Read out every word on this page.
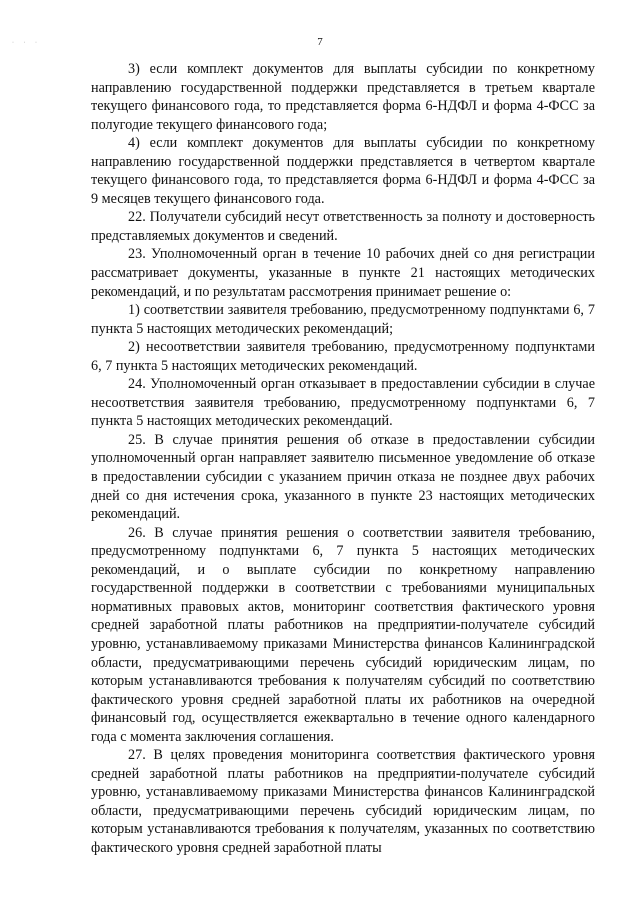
· · ·	7

3) если комплект документов для выплаты субсидии по конкретному направлению государственной поддержки представляется в третьем квартале текущего финансового года, то представляется форма 6-НДФЛ и форма 4-ФСС за полугодие текущего финансового года;

4) если комплект документов для выплаты субсидии по конкретному направлению государственной поддержки представляется в четвертом квартале текущего финансового года, то представляется форма 6-НДФЛ и форма 4-ФСС за 9 месяцев текущего финансового года.

22. Получатели субсидий несут ответственность за полноту и достоверность представляемых документов и сведений.

23. Уполномоченный орган в течение 10 рабочих дней со дня регистрации рассматривает документы, указанные в пункте 21 настоящих методических рекомендаций, и по результатам рассмотрения принимает решение о:

1) соответствии заявителя требованию, предусмотренному подпунктами 6, 7 пункта 5 настоящих методических рекомендаций;

2) несоответствии заявителя требованию, предусмотренному подпунктами 6, 7 пункта 5 настоящих методических рекомендаций.

24. Уполномоченный орган отказывает в предоставлении субсидии в случае несоответствия заявителя требованию, предусмотренному подпунктами 6, 7 пункта 5 настоящих методических рекомендаций.

25. В случае принятия решения об отказе в предоставлении субсидии уполномоченный орган направляет заявителю письменное уведомление об отказе в предоставлении субсидии с указанием причин отказа не позднее двух рабочих дней со дня истечения срока, указанного в пункте 23 настоящих методических рекомендаций.

26. В случае принятия решения о соответствии заявителя требованию, предусмотренному подпунктами 6, 7 пункта 5 настоящих методических рекомендаций, и о выплате субсидии по конкретному направлению государственной поддержки в соответствии с требованиями муниципальных нормативных правовых актов, мониторинг соответствия фактического уровня средней заработной платы работников на предприятии-получателе субсидий уровню, устанавливаемому приказами Министерства финансов Калининградской области, предусматривающими перечень субсидий юридическим лицам, по которым устанавливаются требования к получателям субсидий по соответствию фактического уровня средней заработной платы их работников на очередной финансовый год, осуществляется ежеквартально в течение одного календарного года с момента заключения соглашения.

27. В целях проведения мониторинга соответствия фактического уровня средней заработной платы работников на предприятии-получателе субсидий уровню, устанавливаемому приказами Министерства финансов Калининградской области, предусматривающими перечень субсидий юридическим лицам, по которым устанавливаются требования к получателям, указанных по соответствию фактического уровня средней заработной платы
